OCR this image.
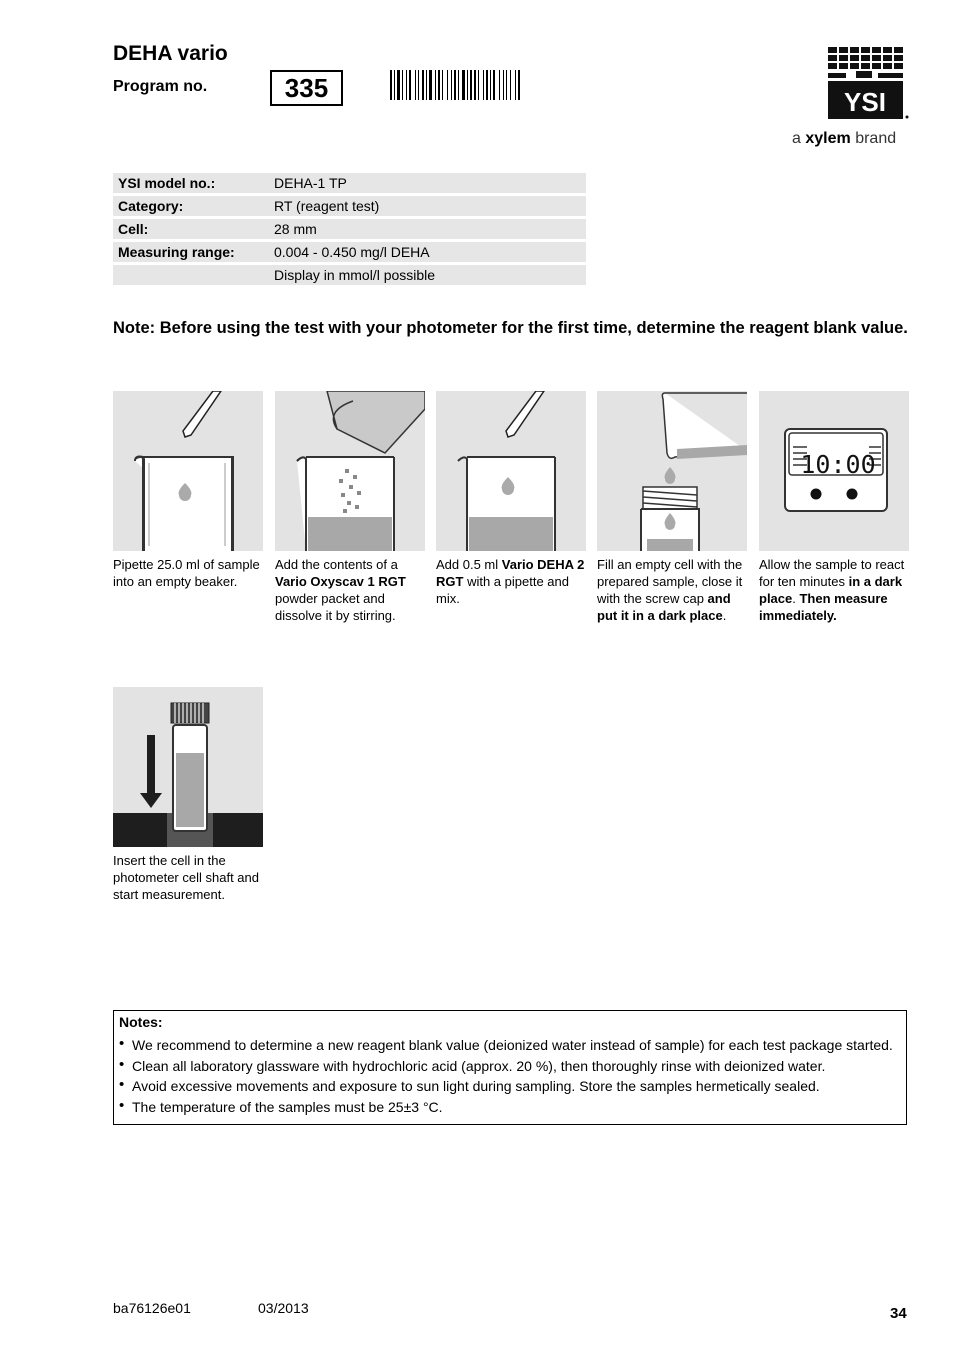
DEHA vario
Program no.	335	YSI
a xylem brand
YSI model no.:	DEHA-1 TP
Category:	RT (reagent test)
Cell:	28 mm
Measuring range:	0.004 - 0.450 mg/l DEHA
	Display in mmol/l possible
Note: Before using the test with your photometer for the first time, determine the reagent blank value.
Pipette 25.0 ml of sample into an empty beaker.
Add the contents of a Vario Oxyscav 1 RGT powder packet and dissolve it by stirring.
Add 0.5 ml Vario DEHA 2 RGT with a pipette and mix.
Fill an empty cell with the prepared sample, close it with the screw cap and put it in a dark place.
10:00
Allow the sample to react for ten minutes in a dark place. Then measure immediately.
Insert the cell in the photometer cell shaft and start measurement.
Notes:
• We recommend to determine a new reagent blank value (deionized water instead of sample) for each test package started.
• Clean all laboratory glassware with hydrochloric acid (approx. 20 %), then thoroughly rinse with deionized water.
• Avoid excessive movements and exposure to sun light during sampling. Store the samples hermetically sealed.
• The temperature of the samples must be 25±3 °C.
ba76126e01	03/2013	34
